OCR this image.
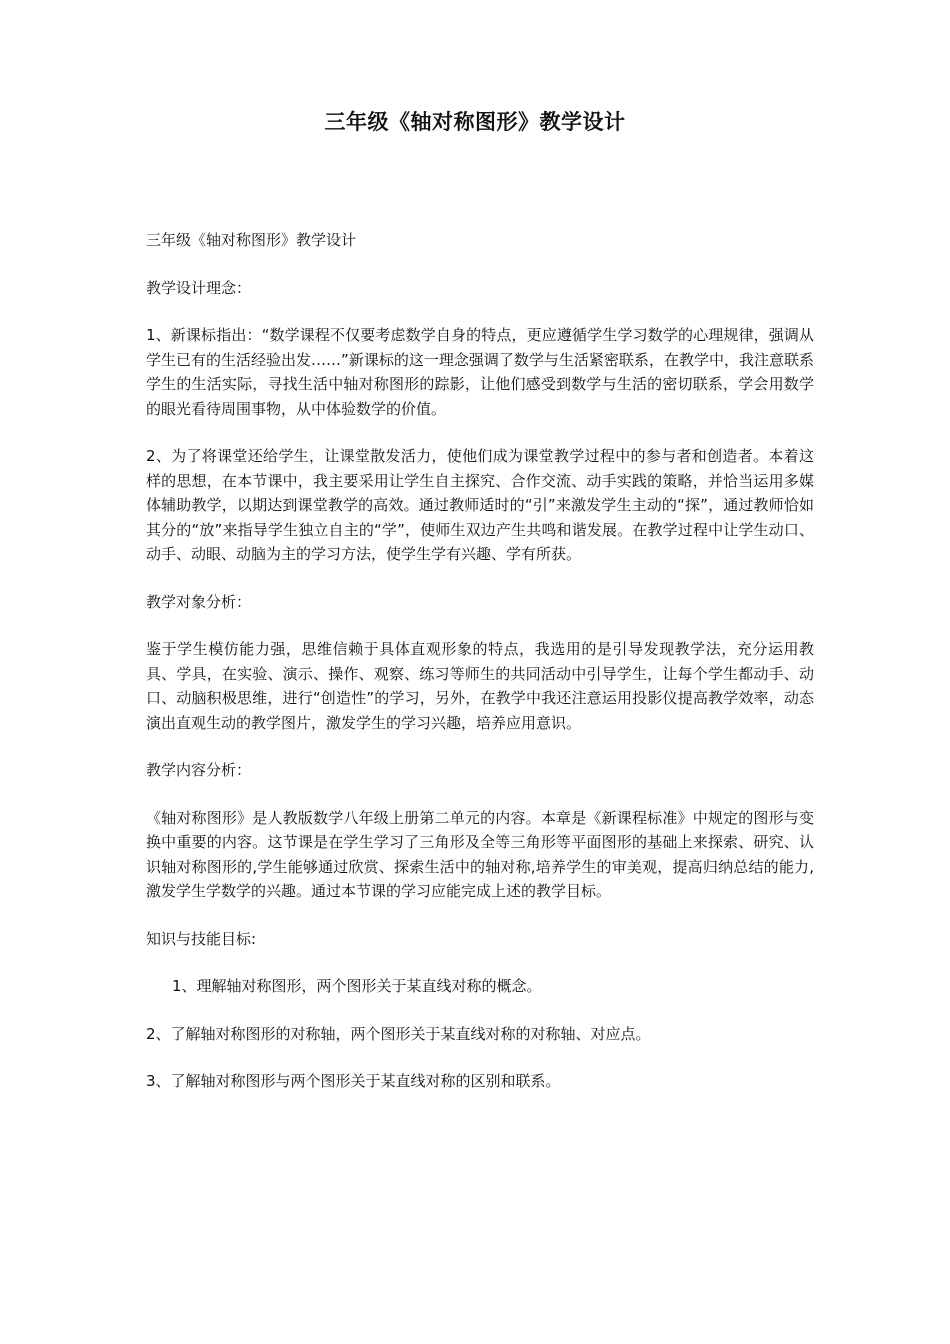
三年级《轴对称图形》教学设计

三年级《轴对称图形》教学设计

教学设计理念：

1、新课标指出：“数学课程不仅要考虑数学自身的特点，更应遵循学生学习数学的心理规律，强调从学生已有的生活经验出发……”新课标的这一理念强调了数学与生活紧密联系，在教学中，我注意联系学生的生活实际，寻找生活中轴对称图形的踪影，让他们感受到数学与生活的密切联系，学会用数学的眼光看待周围事物，从中体验数学的价值。

2、为了将课堂还给学生，让课堂散发活力，使他们成为课堂教学过程中的参与者和创造者。本着这样的思想，在本节课中，我主要采用让学生自主探究、合作交流、动手实践的策略，并恰当运用多媒体辅助教学，以期达到课堂教学的高效。通过教师适时的“引”来激发学生主动的“探”，通过教师恰如其分的“放”来指导学生独立自主的“学”，使师生双边产生共鸣和谐发展。在教学过程中让学生动口、动手、动眼、动脑为主的学习方法，使学生学有兴趣、学有所获。

教学对象分析：

鉴于学生模仿能力强，思维信赖于具体直观形象的特点，我选用的是引导发现教学法，充分运用教具、学具，在实验、演示、操作、观察、练习等师生的共同活动中引导学生，让每个学生都动手、动口、动脑积极思维，进行“创造性”的学习，另外，在教学中我还注意运用投影仪提高教学效率，动态演出直观生动的教学图片，激发学生的学习兴趣，培养应用意识。

教学内容分析：

《轴对称图形》是人教版数学八年级上册第二单元的内容。本章是《新课程标准》中规定的图形与变换中重要的内容。这节课是在学生学习了三角形及全等三角形等平面图形的基础上来探索、研究、认识轴对称图形的,学生能够通过欣赏、探索生活中的轴对称,培养学生的审美观，提高归纳总结的能力,激发学生学数学的兴趣。通过本节课的学习应能完成上述的教学目标。

知识与技能目标:

1、理解轴对称图形，两个图形关于某直线对称的概念。

2、了解轴对称图形的对称轴，两个图形关于某直线对称的对称轴、对应点。

3、了解轴对称图形与两个图形关于某直线对称的区别和联系。
